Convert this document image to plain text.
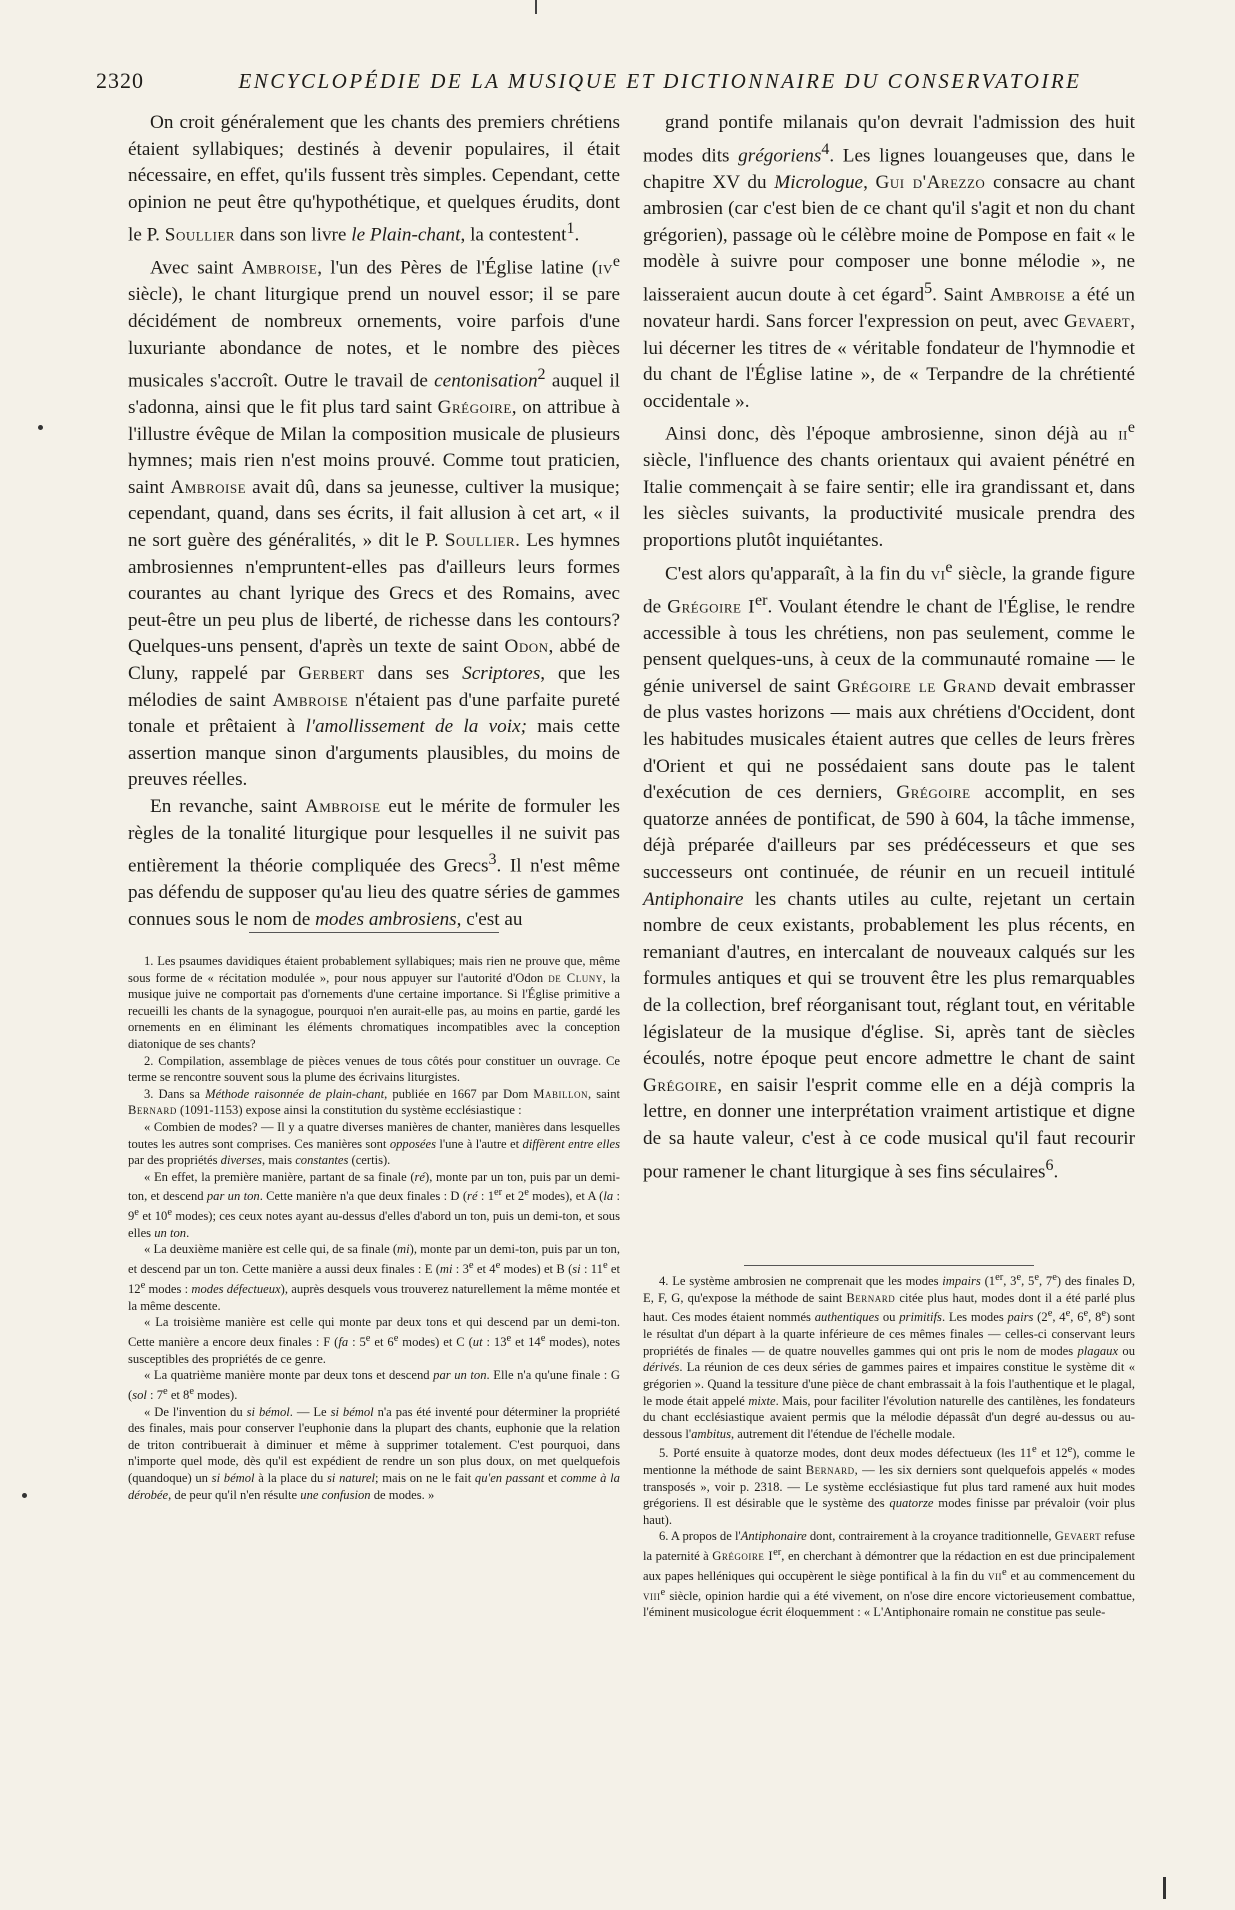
2320	ENCYCLOPÉDIE DE LA MUSIQUE ET DICTIONNAIRE DU CONSERVATOIRE

On croit généralement que les chants des premiers chrétiens étaient syllabiques; destinés à devenir populaires, il était nécessaire, en effet, qu'ils fussent très simples. Cependant, cette opinion ne peut être qu'hypothétique, et quelques érudits, dont le P. Soullier dans son livre le Plain-chant, la contestent$^1$.

Avec saint Ambroise, l'un des Pères de l'Église latine ($iv^e$ siècle), le chant liturgique prend un nouvel essor; il se pare décidément de nombreux ornements, voire parfois d'une luxuriante abondance de notes, et le nombre des pièces musicales s'accroît. Outre le travail de centonisation$^2$ auquel il s'adonna, ainsi que le fit plus tard saint Grégoire, on attribue à l'illustre évêque de Milan la composition musicale de plusieurs hymnes; mais rien n'est moins prouvé. Comme tout praticien, saint Ambroise avait dû, dans sa jeunesse, cultiver la musique; cependant, quand, dans ses écrits, il fait allusion à cet art, « il ne sort guère des généralités, » dit le P. Soullier. Les hymnes ambrosiennes n'empruntent-elles pas d'ailleurs leurs formes courantes au chant lyrique des Grecs et des Romains, avec peut-être un peu plus de liberté, de richesse dans les contours? Quelques-uns pensent, d'après un texte de saint Odon, abbé de Cluny, rappelé par Gerbert dans ses Scriptores, que les mélodies de saint Ambroise n'étaient pas d'une parfaite pureté tonale et prêtaient à l'amollissement de la voix; mais cette assertion manque sinon d'arguments plausibles, du moins de preuves réelles.

En revanche, saint Ambroise eut le mérite de formuler les règles de la tonalité liturgique pour lesquelles il ne suivit pas entièrement la théorie compliquée des Grecs$^3$. Il n'est même pas défendu de supposer qu'au lieu des quatre séries de gammes connues sous le nom de modes ambrosiens, c'est au

grand pontife milanais qu'on devrait l'admission des huit modes dits grégoriens$^4$. Les lignes louangeuses que, dans le chapitre XV du Micrologue, Gui d'Arezzo consacre au chant ambrosien (car c'est bien de ce chant qu'il s'agit et non du chant grégorien), passage où le célèbre moine de Pompose en fait « le modèle à suivre pour composer une bonne mélodie », ne laisseraient aucun doute à cet égard$^5$. Saint Ambroise a été un novateur hardi. Sans forcer l'expression on peut, avec Gevaert, lui décerner les titres de « véritable fondateur de l'hymnodie et du chant de l'Église latine », de « Terpandre de la chrétienté occidentale ».

Ainsi donc, dès l'époque ambrosienne, sinon déjà au $ii^e$ siècle, l'influence des chants orientaux qui avaient pénétré en Italie commençait à se faire sentir; elle ira grandissant et, dans les siècles suivants, la productivité musicale prendra des proportions plutôt inquiétantes.

C'est alors qu'apparaît, à la fin du $vi^e$ siècle, la grande figure de Grégoire Ier. Voulant étendre le chant de l'Église, le rendre accessible à tous les chrétiens, non pas seulement, comme le pensent quelques-uns, à ceux de la communauté romaine — le génie universel de saint Grégoire le Grand devait embrasser de plus vastes horizons — mais aux chrétiens d'Occident, dont les habitudes musicales étaient autres que celles de leurs frères d'Orient et qui ne possédaient sans doute pas le talent d'exécution de ces derniers, Grégoire accomplit, en ses quatorze années de pontificat, de 590 à 604, la tâche immense, déjà préparée d'ailleurs par ses prédécesseurs et que ses successeurs ont continuée, de réunir en un recueil intitulé Antiphonaire les chants utiles au culte, rejetant un certain nombre de ceux existants, probablement les plus récents, en remaniant d'autres, en intercalant de nouveaux calqués sur les formules antiques et qui se trouvent être les plus remarquables de la collection, bref réorganisant tout, réglant tout, en véritable législateur de la musique d'église. Si, après tant de siècles écoulés, notre époque peut encore admettre le chant de saint Grégoire, en saisir l'esprit comme elle en a déjà compris la lettre, en donner une interprétation vraiment artistique et digne de sa haute valeur, c'est à ce code musical qu'il faut recourir pour ramener le chant liturgique à ses fins séculaires$^6$.

1. Les psaumes davidiques étaient probablement syllabiques; mais rien ne prouve que, même sous forme de « récitation modulée », pour nous appuyer sur l'autorité d'Odon de Cluny, la musique juive ne comportait pas d'ornements d'une certaine importance. Si l'Église primitive a recueilli les chants de la synagogue, pourquoi n'en aurait-elle pas, au moins en partie, gardé les ornements en en éliminant les éléments chromatiques incompatibles avec la conception diatonique de ses chants?

2. Compilation, assemblage de pièces venues de tous côtés pour constituer un ouvrage. Ce terme se rencontre souvent sous la plume des écrivains liturgistes.

3. Dans sa Méthode raisonnée de plain-chant, publiée en 1667 par Dom Mabillon, saint Bernard (1091-1153) expose ainsi la constitution du système ecclésiastique :

« Combien de modes? — Il y a quatre diverses manières de chanter, manières dans lesquelles toutes les autres sont comprises. Ces manières sont opposées l'une à l'autre et diffèrent entre elles par des propriétés diverses, mais constantes (certis).

« En effet, la première manière, partant de sa finale (ré), monte par un ton, puis par un demi-ton, et descend par un ton. Cette manière n'a que deux finales : D (ré : 1er et 2e modes), et A (la : 9e et 10e modes); ces ceux notes ayant au-dessus d'elles d'abord un ton, puis un demi-ton, et sous elles un ton.

« La deuxième manière est celle qui, de sa finale (mi), monte par un demi-ton, puis par un ton, et descend par un ton. Cette manière a aussi deux finales : E (mi : 3e et 4e modes) et B (si : 11e et 12e modes : modes défectueux), auprès desquels vous trouverez naturellement la même montée et la même descente.

« La troisième manière est celle qui monte par deux tons et qui descend par un demi-ton. Cette manière a encore deux finales : F (fa : 5e et 6e modes) et C (ut : 13e et 14e modes), notes susceptibles des propriétés de ce genre.

« La quatrième manière monte par deux tons et descend par un ton. Elle n'a qu'une finale : G (sol : 7e et 8e modes).

« De l'invention du si bémol. — Le si bémol n'a pas été inventé pour déterminer la propriété des finales, mais pour conserver l'euphonie dans la plupart des chants, euphonie que la relation de triton contribuerait à diminuer et même à supprimer totalement. C'est pourquoi, dans n'importe quel mode, dès qu'il est expédient de rendre un son plus doux, on met quelquefois (quandoque) un si bémol à la place du si naturel; mais on ne le fait qu'en passant et comme à la dérobée, de peur qu'il n'en résulte une confusion de modes. »

4. Le système ambrosien ne comprenait que les modes impairs (1er, 3e, 5e, 7e) des finales D, E, F, G, qu'expose la méthode de saint Bernard citée plus haut, modes dont il a été parlé plus haut. Ces modes étaient nommés authentiques ou primitifs. Les modes pairs (2e, 4e, 6e, 8e) sont le résultat d'un départ à la quarte inférieure de ces mêmes finales — celles-ci conservant leurs propriétés de finales — de quatre nouvelles gammes qui ont pris le nom de modes plagaux ou dérivés. La réunion de ces deux séries de gammes paires et impaires constitue le système dit « grégorien ». Quand la tessiture d'une pièce de chant embrassait à la fois l'authentique et le plagal, le mode était appelé mixte. Mais, pour faciliter l'évolution naturelle des cantilènes, les fondateurs du chant ecclésiastique avaient permis que la mélodie dépassât d'un degré au-dessus ou au-dessous l'ambitus, autrement dit l'étendue de l'échelle modale.

5. Porté ensuite à quatorze modes, dont deux modes défectueux (les 11e et 12e), comme le mentionne la méthode de saint Bernard, — les six derniers sont quelquefois appelés « modes transposés », voir p. 2318. — Le système ecclésiastique fut plus tard ramené aux huit modes grégoriens. Il est désirable que le système des quatorze modes finisse par prévaloir (voir plus haut).

6. A propos de l'Antiphonaire dont, contrairement à la croyance traditionnelle, Gevaert refuse la paternité à Grégoire Ier, en cherchant à démontrer que la rédaction en est due principalement aux papes helléniques qui occupèrent le siège pontifical à la fin du vii$^e$ et au commencement du viii$^e$ siècle, opinion hardie qui a été vivement, on n'ose dire encore victorieusement combattue, l'éminent musicologue écrit éloquemment : « L'Antiphonaire romain ne constitue pas seule-
